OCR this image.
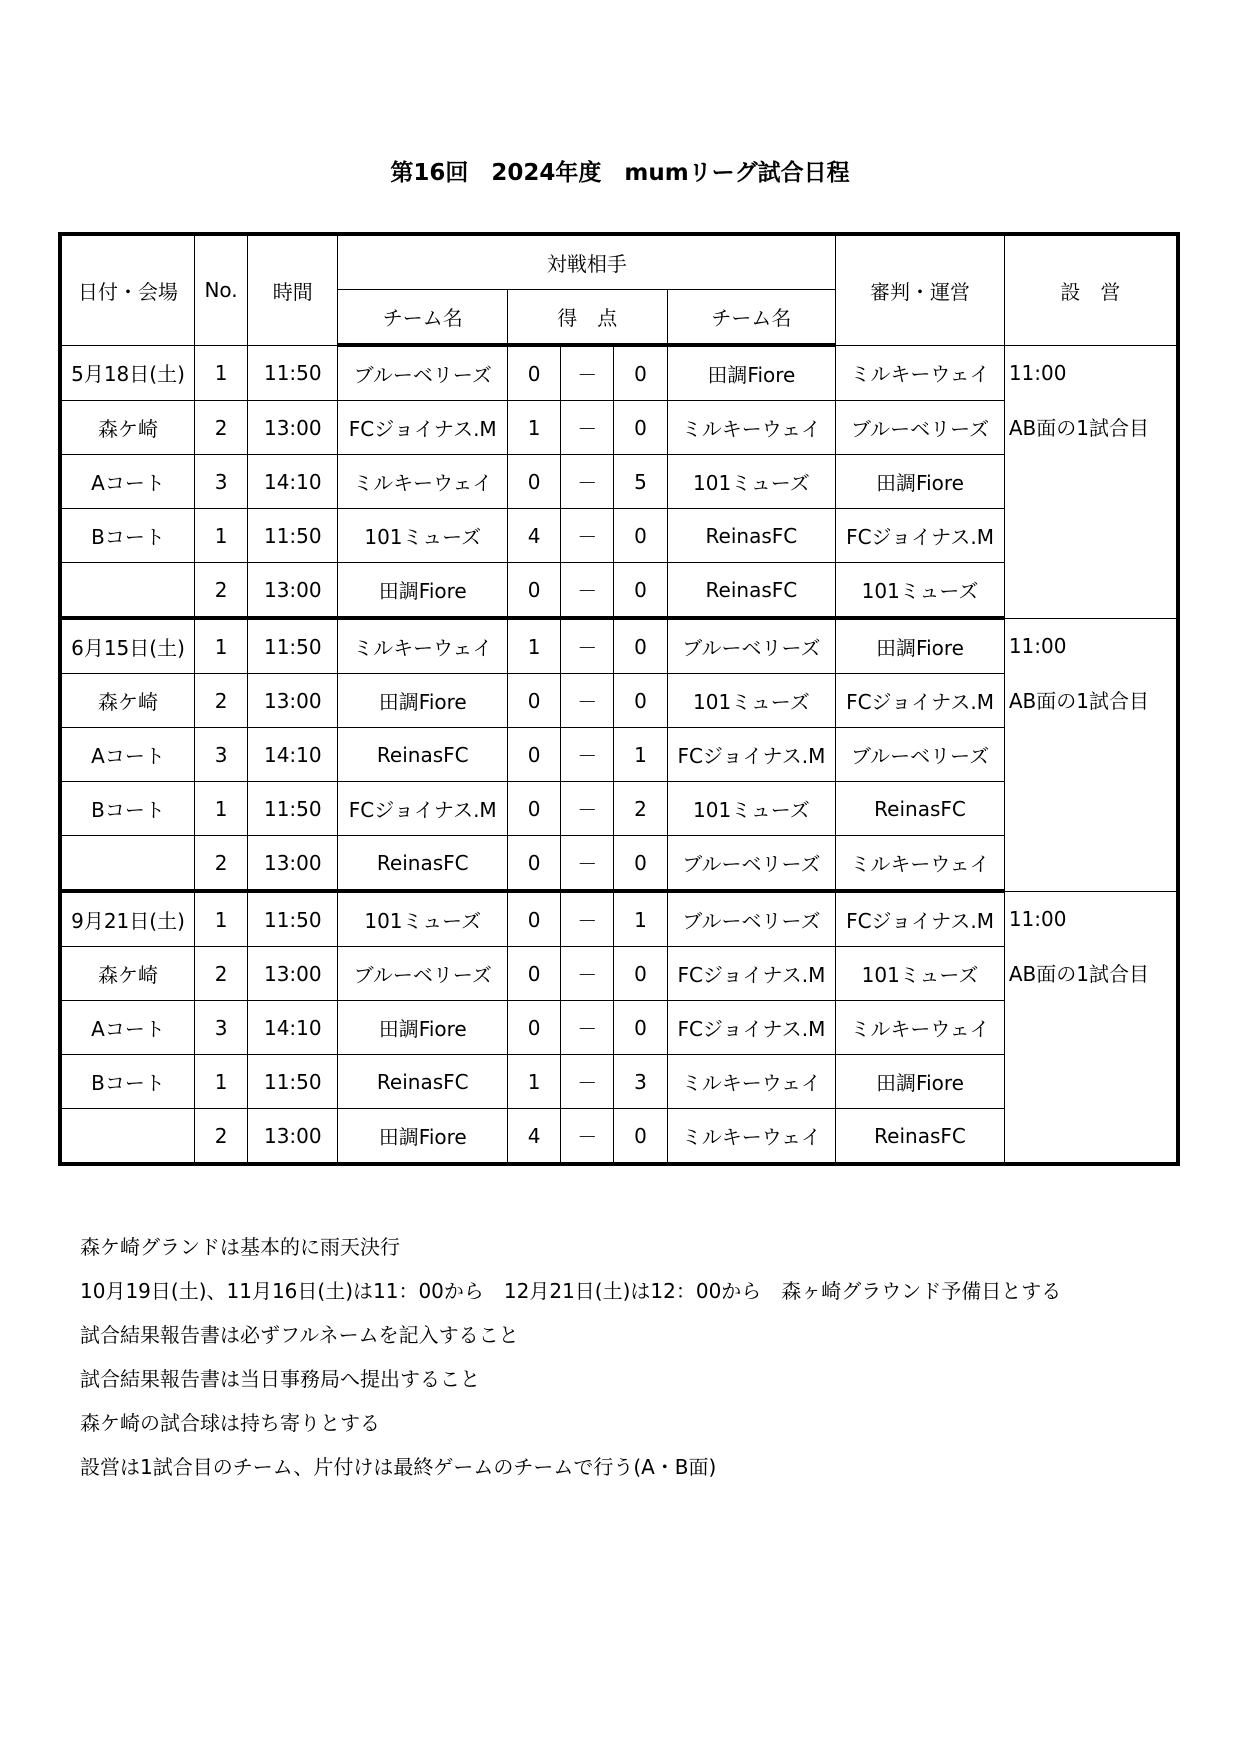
第16回　2024年度　mumリーグ試合日程
日付・会場	No.	時間	対戦相手					審判・運営	設　営
			チーム名	得　点			チーム名		
5月18日(土)	1	11:50	ブルーベリーズ	0	－	0	田調Fiore	ミルキーウェイ	11:00
AB面の1試合目

森ケ崎	2	13:00	FCジョイナス.M	1	－	0	ミルキーウェイ	ブルーベリーズ	
Aコート	3	14:10	ミルキーウェイ	0	－	5	101ミューズ	田調Fiore	
Bコート	1	11:50	101ミューズ	4	－	0	ReinasFC	FCジョイナス.M	
	2	13:00	田調Fiore	0	－	0	ReinasFC	101ミューズ	
6月15日(土)	1	11:50	ミルキーウェイ	1	－	0	ブルーベリーズ	田調Fiore	11:00
AB面の1試合目

森ケ崎	2	13:00	田調Fiore	0	－	0	101ミューズ	FCジョイナス.M	
Aコート	3	14:10	ReinasFC	0	－	1	FCジョイナス.M	ブルーベリーズ	
Bコート	1	11:50	FCジョイナス.M	0	－	2	101ミューズ	ReinasFC	
	2	13:00	ReinasFC	0	－	0	ブルーベリーズ	ミルキーウェイ	
9月21日(土)	1	11:50	101ミューズ	0	－	1	ブルーベリーズ	FCジョイナス.M	11:00
AB面の1試合目

森ケ崎	2	13:00	ブルーベリーズ	0	－	0	FCジョイナス.M	101ミューズ	
Aコート	3	14:10	田調Fiore	0	－	0	FCジョイナス.M	ミルキーウェイ	
Bコート	1	11:50	ReinasFC	1	－	3	ミルキーウェイ	田調Fiore	
	2	13:00	田調Fiore	4	－	0	ミルキーウェイ	ReinasFC	
森ケ崎グランドは基本的に雨天決行
10月19日(土)、11月16日(土)は11：00から　12月21日(土)は12：00から　森ヶ崎グラウンド予備日とする
試合結果報告書は必ずフルネームを記入すること
試合結果報告書は当日事務局へ提出すること
森ケ崎の試合球は持ち寄りとする
設営は1試合目のチーム、片付けは最終ゲームのチームで行う(A・B面)
